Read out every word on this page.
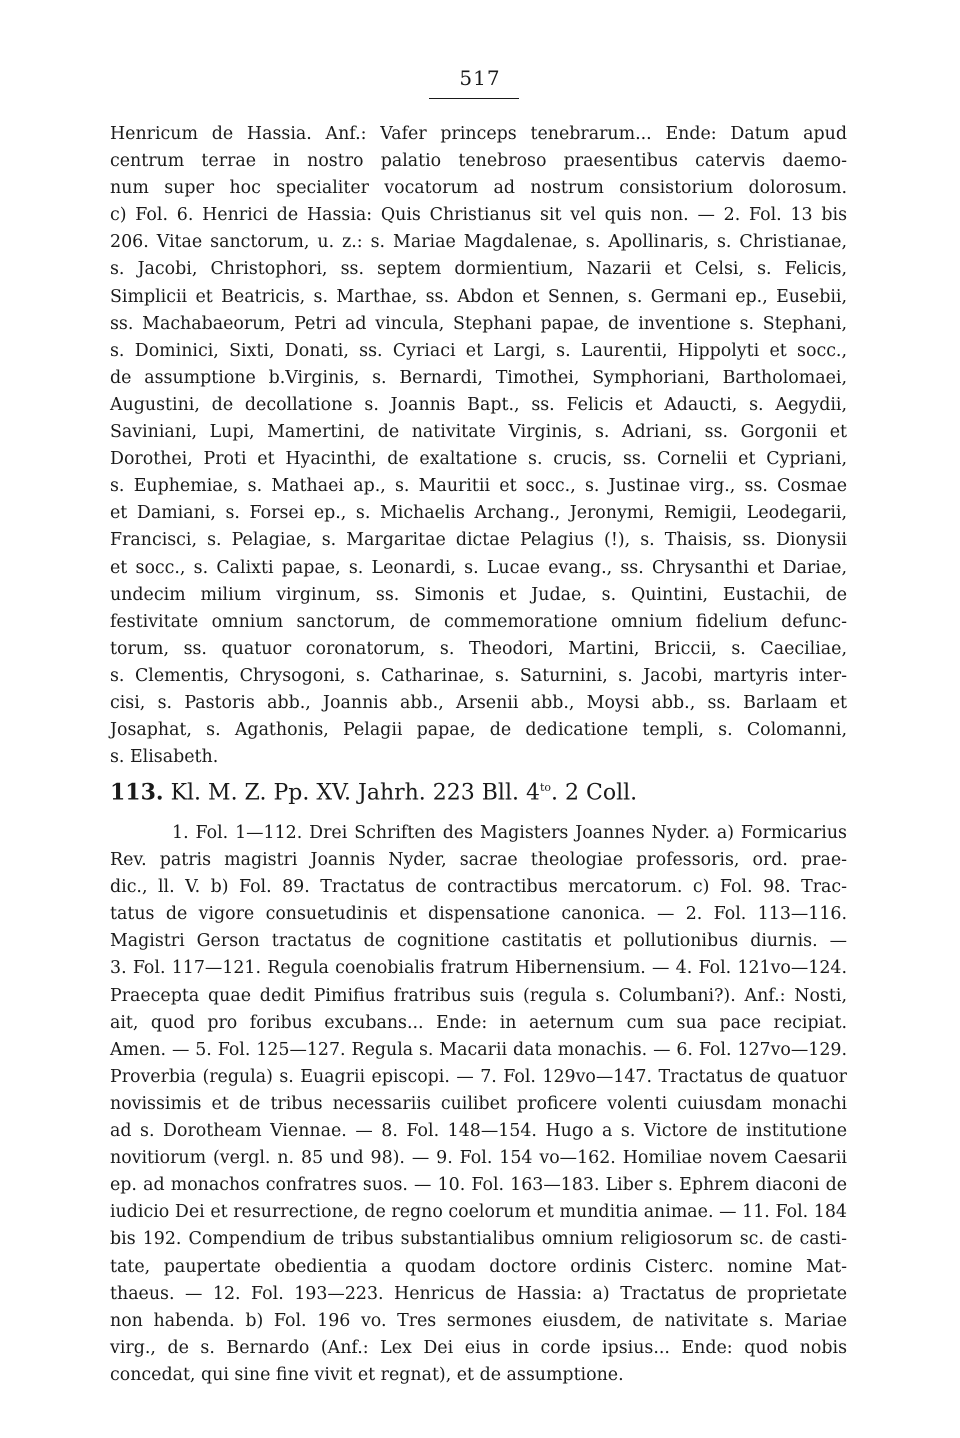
517
Henricum de Hassia. Anf.: Vafer princeps tenebrarum... Ende: Datum apud
centrum terrae in nostro palatio tenebroso praesentibus catervis daemo-
num super hoc specialiter vocatorum ad nostrum consistorium dolorosum.
c) Fol. 6. Henrici de Hassia: Quis Christianus sit vel quis non. — 2. Fol. 13 bis
206. Vitae sanctorum, u. z.: s. Mariae Magdalenae, s. Apollinaris, s. Christianae,
s. Jacobi, Christophori, ss. septem dormientium, Nazarii et Celsi, s. Felicis,
Simplicii et Beatricis, s. Marthae, ss. Abdon et Sennen, s. Germani ep., Eusebii,
ss. Machabaeorum, Petri ad vincula, Stephani papae, de inventione s. Stephani,
s. Dominici, Sixti, Donati, ss. Cyriaci et Largi, s. Laurentii, Hippolyti et socc.,
de assumptione b.Virginis, s. Bernardi, Timothei, Symphoriani, Bartholomaei,
Augustini, de decollatione s. Joannis Bapt., ss. Felicis et Adaucti, s. Aegydii,
Saviniani, Lupi, Mamertini, de nativitate Virginis, s. Adriani, ss. Gorgonii et
Dorothei, Proti et Hyacinthi, de exaltatione s. crucis, ss. Cornelii et Cypriani,
s. Euphemiae, s. Mathaei ap., s. Mauritii et socc., s. Justinae virg., ss. Cosmae
et Damiani, s. Forsei ep., s. Michaelis Archang., Jeronymi, Remigii, Leodegarii,
Francisci, s. Pelagiae, s. Margaritae dictae Pelagius (!), s. Thaisis, ss. Dionysii
et socc., s. Calixti papae, s. Leonardi, s. Lucae evang., ss. Chrysanthi et Dariae,
undecim milium virginum, ss. Simonis et Judae, s. Quintini, Eustachii, de
festivitate omnium sanctorum, de commemoratione omnium fidelium defunc-
torum, ss. quatuor coronatorum, s. Theodori, Martini, Briccii, s. Caeciliae,
s. Clementis, Chrysogoni, s. Catharinae, s. Saturnini, s. Jacobi, martyris inter-
cisi, s. Pastoris abb., Joannis abb., Arsenii abb., Moysi abb., ss. Barlaam et
Josaphat, s. Agathonis, Pelagii papae, de dedicatione templi, s. Colomanni,
s. Elisabeth.
113. Kl. M. Z. Pp. XV. Jahrh. 223 Bll. $4^{to}$. 2 Coll.
1. Fol. 1—112. Drei Schriften des Magisters Joannes Nyder. a) Formicarius
Rev. patris magistri Joannis Nyder, sacrae theologiae professoris, ord. prae-
dic., ll. V. b) Fol. 89. Tractatus de contractibus mercatorum. c) Fol. 98. Trac-
tatus de vigore consuetudinis et dispensatione canonica. — 2. Fol. 113—116.
Magistri Gerson tractatus de cognitione castitatis et pollutionibus diurnis. —
3. Fol. 117—121. Regula coenobialis fratrum Hibernensium. — 4. Fol. 121vo—124.
Praecepta quae dedit Pimifius fratribus suis (regula s. Columbani?). Anf.: Nosti,
ait, quod pro foribus excubans... Ende: in aeternum cum sua pace recipiat.
Amen. — 5. Fol. 125—127. Regula s. Macarii data monachis. — 6. Fol. 127vo—129.
Proverbia (regula) s. Euagrii episcopi. — 7. Fol. 129vo—147. Tractatus de quatuor
novissimis et de tribus necessariis cuilibet proficere volenti cuiusdam monachi
ad s. Dorotheam Viennae. — 8. Fol. 148—154. Hugo a s. Victore de institutione
novitiorum (vergl. n. 85 und 98). — 9. Fol. 154 vo—162. Homiliae novem Caesarii
ep. ad monachos confratres suos. — 10. Fol. 163—183. Liber s. Ephrem diaconi de
iudicio Dei et resurrectione, de regno coelorum et munditia animae. — 11. Fol. 184
bis 192. Compendium de tribus substantialibus omnium religiosorum sc. de casti-
tate, paupertate obedientia a quodam doctore ordinis Cisterc. nomine Mat-
thaeus. — 12. Fol. 193—223. Henricus de Hassia: a) Tractatus de proprietate
non habenda. b) Fol. 196 vo. Tres sermones eiusdem, de nativitate s. Mariae
virg., de s. Bernardo (Anf.: Lex Dei eius in corde ipsius... Ende: quod nobis
concedat, qui sine fine vivit et regnat), et de assumptione.
